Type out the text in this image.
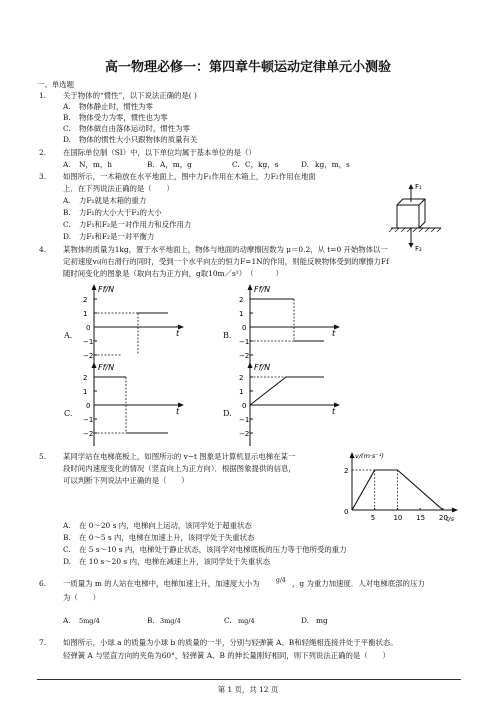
高一物理必修一：第四章牛顿运动定律单元小测验
一、单选题
1. 关于物体的“惯性”，以下说法正确的是( )
A. 物体静止时，惯性为零
B. 物体受力为零，惯性也为零
C. 物体做自由落体运动时，惯性为零
D. 物体的惯性大小只跟物体的质量有关
2. 在国际单位制（SI）中，以下单位均属于基本单位的是（）
A. N，m，h	B. A，m，g	C. C，kg，s	D. kg，m，s
3. 如图所示，一木箱放在水平地面上，图中力F₁作用在木箱上，力F₂作用在地面
上．在下列说法正确的是（　　）
A. 力F₁就是木箱的重力
B. 力F₁的大小大于F₂的大小
C. 力F₁和F₂是一对作用力和反作用力
D. 力F₁和F₂是一对平衡力
F₁
F₂
4. 某物体的质量为1kg，置于水平地面上，物体与地面的动摩擦因数为 μ＝0.2，从 t=0 开始物体以一
定初速度v₀向右滑行的同时，受到一个水平向左的恒力F=1N的作用，则能反映物体受到的摩擦力Ff
随时间变化的图象是（取向右为正方向，g取10m／s²）　（　　　）
A.	B.
C.	D.
Ff/N
t
0
2
1
−1
−2
Ff/N
t
0
2
1
−1
−2
Ff/N
t
0
2
1
−1
−2
Ff/N
t
0
2
1
−1
−2
5. 某同学站在电梯底板上，如图所示的 v−t 图象是计算机显示电梯在某一
段时间内速度变化的情况（竖直向上为正方向）．根据图象提供的信息，
可以判断下列说法中正确的是（　　）
v/(m·s⁻¹)
t/s
0
2
5	10 15 20
A. 在 0～20 s 内，电梯向上运动，该同学处于超重状态
B. 在 0～5 s 内，电梯在加速上升，该同学处于失重状态
C. 在 5 s～10 s 内，电梯处于静止状态，该同学对电梯底板的压力等于他所受的重力
D. 在 10 s～20 s 内，电梯在减速上升，该同学处于失重状态
6. 一质量为 m 的人站在电梯中，电梯加速上升，加速度大小为	g/4 ，g 为重力加速度．人对电梯底部的压力
为（　　）
A. 5mg/4	B. 3mg/4	C. mg/4	D. mg
7. 如图所示，小球 a 的质量为小球 b 的质量的一半，分别与轻弹簧 A、B和轻绳相连接并处于平衡状态。
轻弹簧 A 与竖直方向的夹角为60°，轻弹簧 A、B 的伸长量刚好相同，则下列说法正确的是（　　）
第 1 页，共 12 页
